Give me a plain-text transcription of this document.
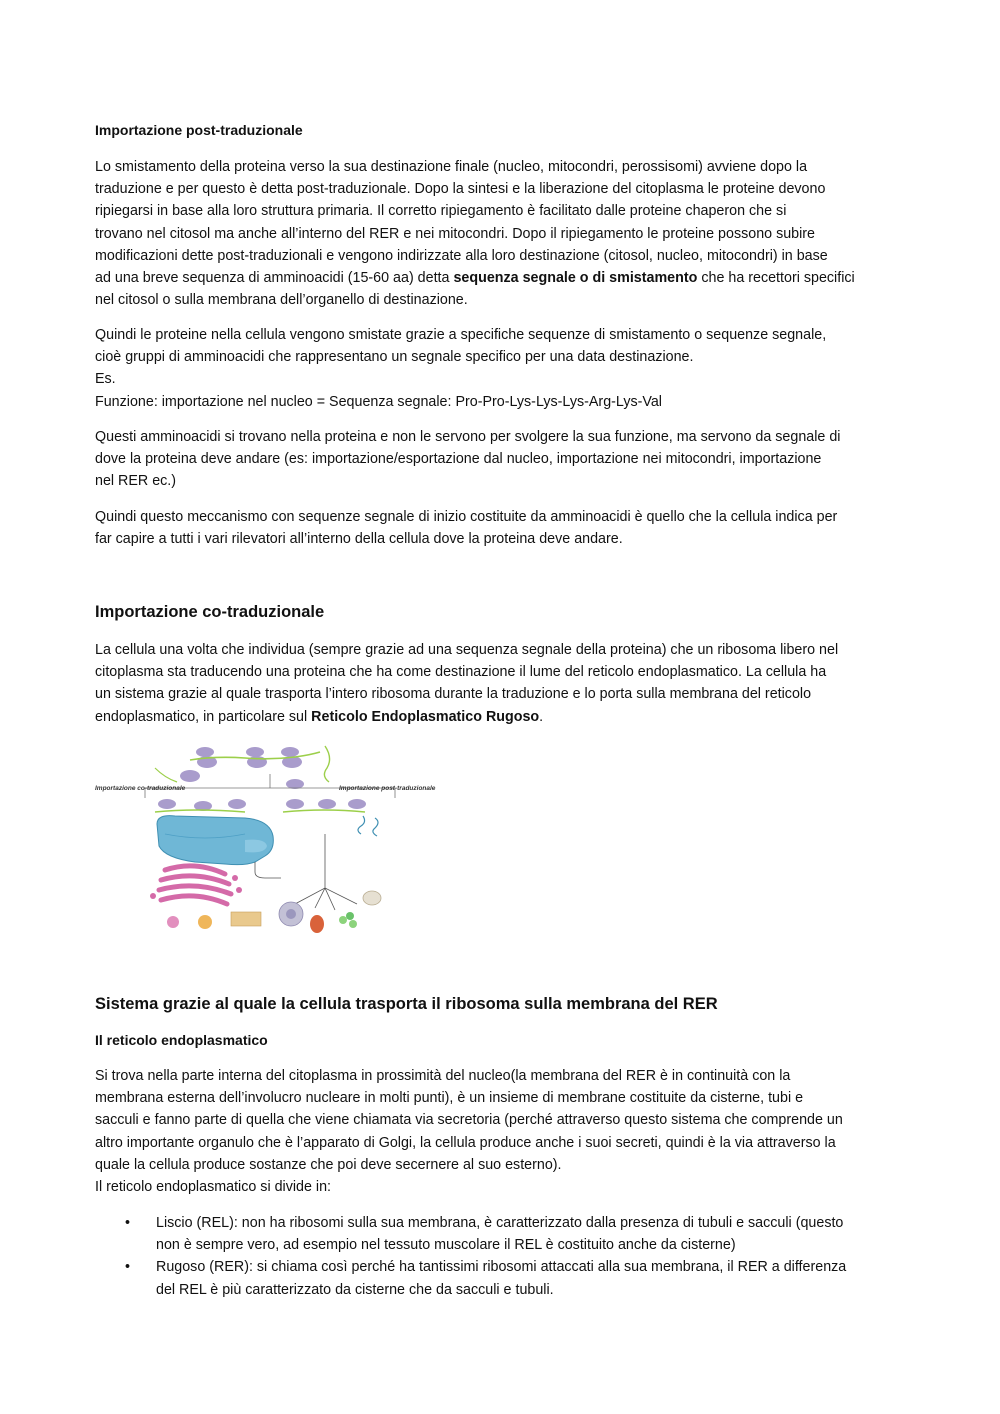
Importazione post-traduzionale

Lo smistamento della proteina verso la sua destinazione finale (nucleo, mitocondri, perossisomi) avviene dopo la
traduzione e per questo è detta post-traduzionale. Dopo la sintesi e la liberazione del citoplasma le proteine devono
ripiegarsi in base alla loro struttura primaria. Il corretto ripiegamento è facilitato dalle proteine chaperon che si
trovano nel citosol ma anche all’interno del RER e nei mitocondri. Dopo il ripiegamento le proteine possono subire
modificazioni dette post-traduzionali e vengono indirizzate alla loro destinazione (citosol, nucleo, mitocondri) in base
ad una breve sequenza di amminoacidi (15-60 aa) detta sequenza segnale o di smistamento che ha recettori specifici
nel citosol o sulla membrana dell’organello di destinazione.

Quindi le proteine nella cellula vengono smistate grazie a specifiche sequenze di smistamento o sequenze segnale,
cioè gruppi di amminoacidi che rappresentano un segnale specifico per una data destinazione.
Es.
Funzione: importazione nel nucleo = Sequenza segnale: Pro-Pro-Lys-Lys-Lys-Arg-Lys-Val

Questi amminoacidi si trovano nella proteina e non le servono per svolgere la sua funzione, ma servono da segnale di
dove la proteina deve andare (es: importazione/esportazione dal nucleo, importazione nei mitocondri, importazione
nel RER ec.)

Quindi questo meccanismo con sequenze segnale di inizio costituite da amminoacidi è quello che la cellula indica per
far capire a tutti i vari rilevatori all’interno della cellula dove la proteina deve andare.

Importazione co-traduzionale

La cellula una volta che individua (sempre grazie ad una sequenza segnale della proteina) che un ribosoma libero nel
citoplasma sta traducendo una proteina che ha come destinazione il lume del reticolo endoplasmatico. La cellula ha
un sistema grazie al quale trasporta l’intero ribosoma durante la traduzione e lo porta sulla membrana del reticolo
endoplasmatico, in particolare sul Reticolo Endoplasmatico Rugoso.

Importazione co-traduzionale	Importazione post-traduzionale
Sistema grazie al quale la cellula trasporta il ribosoma sulla membrana del RER
Il reticolo endoplasmatico

Si trova nella parte interna del citoplasma in prossimità del nucleo(la membrana del RER è in continuità con la
membrana esterna dell’involucro nucleare in molti punti), è un insieme di membrane costituite da cisterne, tubi e
sacculi e fanno parte di quella che viene chiamata via secretoria (perché attraverso questo sistema che comprende un
altro importante organulo che è l’apparato di Golgi, la cellula produce anche i suoi secreti, quindi è la via attraverso la
quale la cellula produce sostanze che poi deve secernere al suo esterno).
Il reticolo endoplasmatico si divide in:

• Liscio (REL): non ha ribosomi sulla sua membrana, è caratterizzato dalla presenza di tubuli e sacculi (questo
non è sempre vero, ad esempio nel tessuto muscolare il REL è costituito anche da cisterne)
• Rugoso (RER): si chiama così perché ha tantissimi ribosomi attaccati alla sua membrana, il RER a differenza
del REL è più caratterizzato da cisterne che da sacculi e tubuli.
